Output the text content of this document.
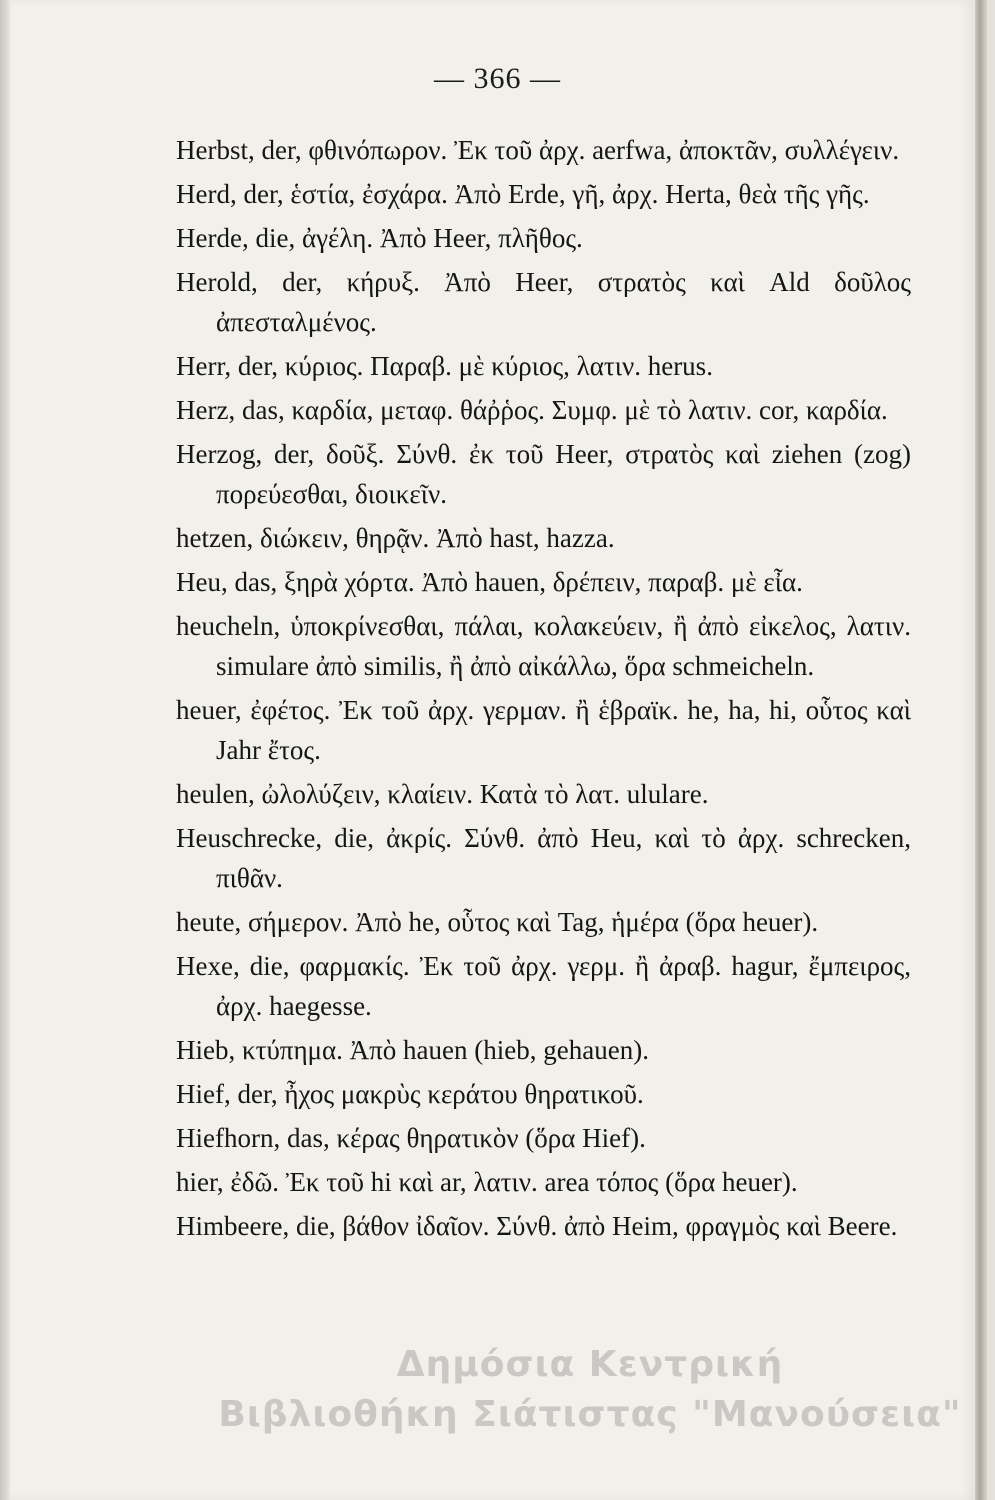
— 366 —

Herbst, der, φθινόπωρον. Ἐκ τοῦ ἀρχ. aerfwa, ἀποκτᾶν, συλλέγειν.

Herd, der, ἑστία, ἐσχάρα. Ἀπὸ Erde, γῆ, ἀρχ. Herta, θεὰ τῆς γῆς.

Herde, die, ἀγέλη. Ἀπὸ Heer, πλῆθος.

Herold, der, κήρυξ. Ἀπὸ Heer, στρατὸς καὶ Ald δοῦλος ἀπεσταλμένος.

Herr, der, κύριος. Παραβ. μὲ κύριος, λατιν. herus.

Herz, das, καρδία, μεταφ. θάῤῥος. Συμφ. μὲ τὸ λατιν. cor, καρδία.

Herzog, der, δοῦξ. Σύνθ. ἐκ τοῦ Heer, στρατὸς καὶ ziehen (zog) πορεύεσθαι, διοικεῖν.

hetzen, διώκειν, θηρᾷν. Ἀπὸ hast, hazza.

Heu, das, ξηρὰ χόρτα. Ἀπὸ hauen, δρέπειν, παραβ. μὲ εἶα.

heucheln, ὑποκρίνεσθαι, πάλαι, κολακεύειν, ἢ ἀπὸ εἰκελος, λατιν. simulare ἀπὸ similis, ἢ ἀπὸ αἰκάλλω, ὅρα schmeicheln.

heuer, ἐφέτος. Ἐκ τοῦ ἀρχ. γερμαν. ἢ ἑβραϊκ. he, ha, hi, οὗτος καὶ Jahr ἔτος.

heulen, ὠλολύζειν, κλαίειν. Κατὰ τὸ λατ. ululare.

Heuschrecke, die, ἀκρίς. Σύνθ. ἀπὸ Heu, καὶ τὸ ἀρχ. schrecken, πιθᾶν.

heute, σήμερον. Ἀπὸ he, οὗτος καὶ Tag, ἡμέρα (ὅρα heuer).

Hexe, die, φαρμακίς. Ἐκ τοῦ ἀρχ. γερμ. ἢ ἀραβ. hagur, ἔμπειρος, ἀρχ. haegesse.

Hieb, κτύπημα. Ἀπὸ hauen (hieb, gehauen).

Hief, der, ἦχος μακρὺς κεράτου θηρατικοῦ.

Hiefhorn, das, κέρας θηρατικὸν (ὅρα Hief).

hier, ἐδῶ. Ἐκ τοῦ hi καὶ ar, λατιν. area τόπος (ὅρα heuer).

Himbeere, die, βάθον ἰδαῖον. Σύνθ. ἀπὸ Heim, φραγμὸς καὶ Beere.

Δημόσια Κεντρική
Βιβλιοθήκη Σιάτιστας "Μανούσεια"
